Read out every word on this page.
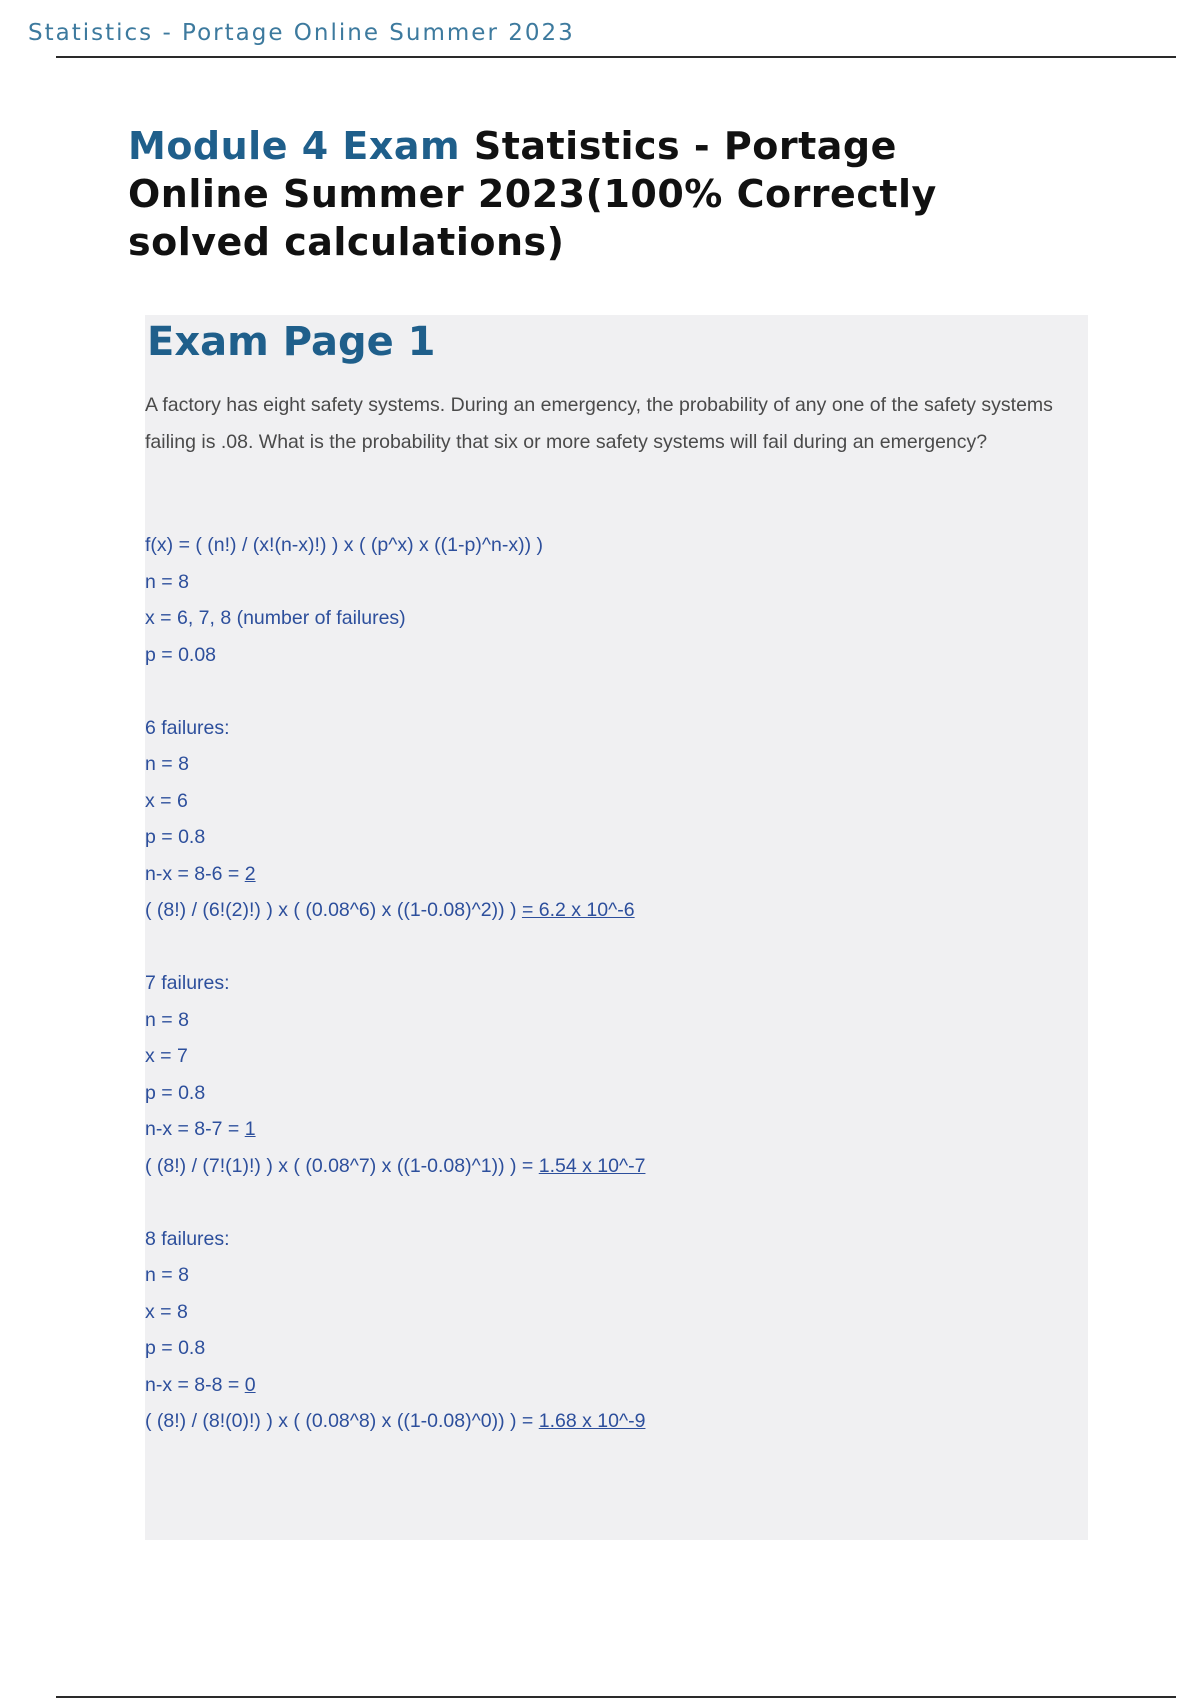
Statistics - Portage Online Summer 2023
Module 4 Exam Statistics - Portage Online Summer 2023(100% Correctly solved calculations)
Exam Page 1

A factory has eight safety systems. During an emergency, the probability of any one of the safety systems failing is .08. What is the probability that six or more safety systems will fail during an emergency?

f(x) = ( (n!) / (x!(n-x)!) ) x ( (p^x) x ((1-p)^n-x)) )
n = 8
x = 6, 7, 8 (number of failures)
p = 0.08
6 failures:
n = 8
x = 6
p = 0.8
n-x = 8-6 = 2
( (8!) / (6!(2)!) ) x ( (0.08^6) x ((1-0.08)^2)) ) = 6.2 x 10^-6
7 failures:
n = 8
x = 7
p = 0.8
n-x = 8-7 = 1
( (8!) / (7!(1)!) ) x ( (0.08^7) x ((1-0.08)^1)) ) = 1.54 x 10^-7
8 failures:
n = 8
x = 8
p = 0.8
n-x = 8-8 = 0
( (8!) / (8!(0)!) ) x ( (0.08^8) x ((1-0.08)^0)) ) = 1.68 x 10^-9
